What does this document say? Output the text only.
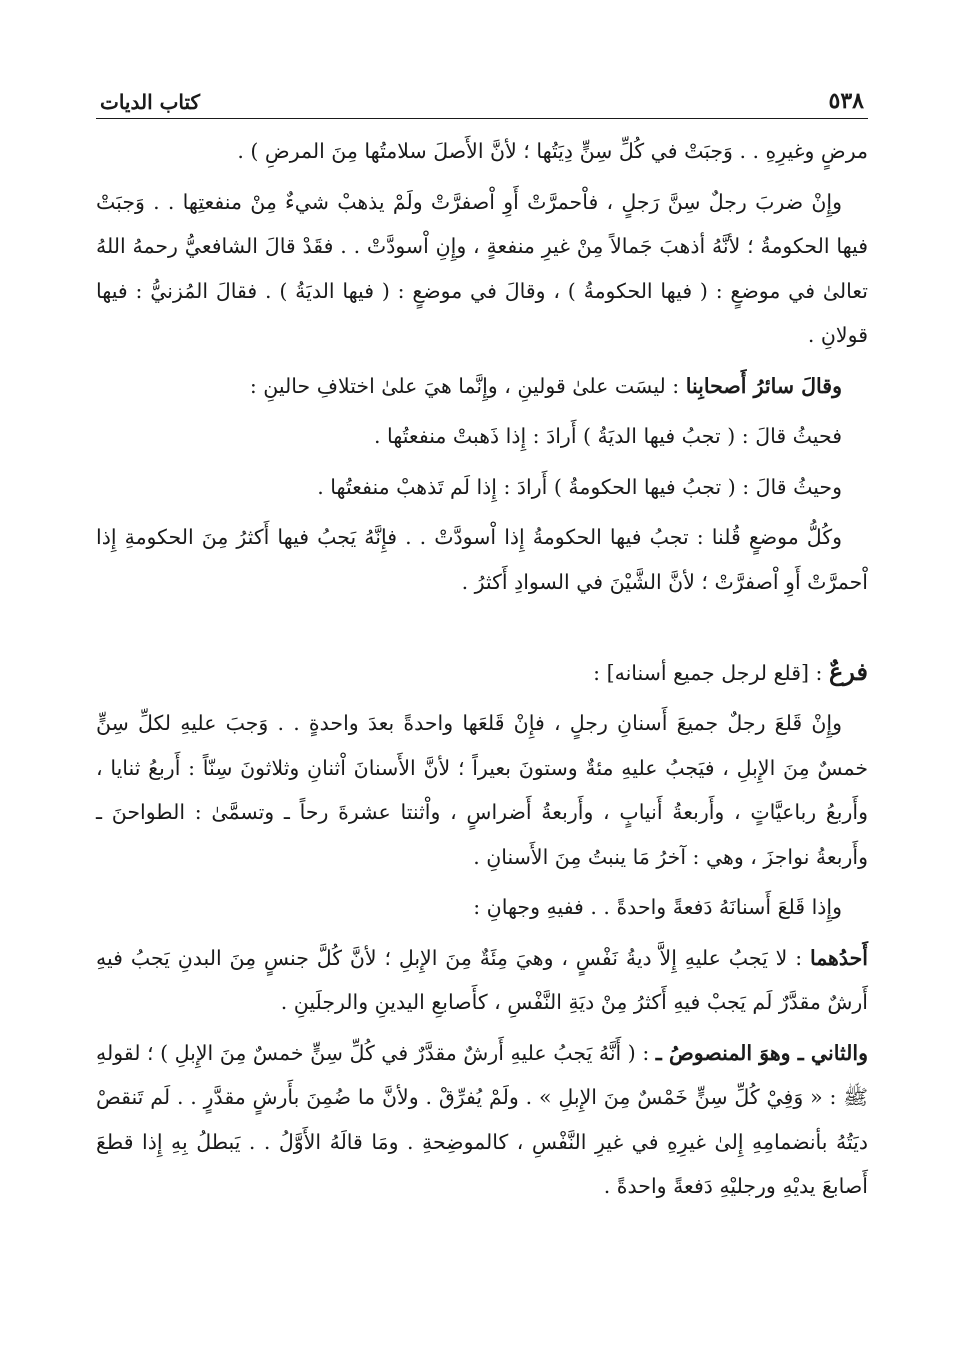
٥٣٨
كتاب الديات

مرضٍ وغيرِهِ . . وَجبَتْ في كُلِّ سِنٍّ دِيَتُها ؛ لأنَّ الأَصلَ سلامتُها مِنَ المرضِ ) .

وإِنْ ضربَ رجلٌ سِنَّ رَجلٍ ، فاْحمرَّتْ أَوِ اْصفرَّتْ ولَمْ يذهبْ شيءٌ مِنْ منفعتِها . . وَجبَتْ فيها الحكومةُ ؛ لأنَّهُ أذهبَ جَمالاً مِنْ غيرِ منفعةٍ ، وإِنِ اْسودَّتْ . . فقَدْ قالَ الشافعيُّ رحمهُ اللهُ تعالىٰ في موضعٍ : ( فيها الحكومةُ ) ، وقالَ في موضعٍ : ( فيها الديَةُ ) . فقالَ المُزنيُّ : فيها قولانِ .

وقالَ سائرُ أَصحابِنا : ليسَت علىٰ قولينِ ، وإِنَّما هيَ علىٰ اختلافِ حالينِ :

فحيثُ قالَ : ( تجبُ فيها الديَةُ ) أَرادَ : إِذا ذَهبتْ منفعتُها .

وحيثُ قالَ : ( تجبُ فيها الحكومةُ ) أَرادَ : إِذا لَم تَذهبْ منفعتُها .

وكُلُّ موضعٍ قُلنا : تجبُ فيها الحكومةُ إِذا اْسودَّتْ . . فإِنَّهُ يَجبُ فيها أَكثرُ مِنَ الحكومةِ إِذا اْحمرَّتْ أَوِ اْصفرَّتْ ؛ لأنَّ الشَّيْنَ في السوادِ أَكثرُ .

فرعٌ : [قلع لرجل جميع أسنانه] :

وإِنْ قَلعَ رجلٌ جميعَ أَسنانِ رجلٍ ، فإِنْ قَلعَها واحدةً بعدَ واحدةٍ . . وَجبَ عليهِ لكلِّ سِنٍّ خمسٌ مِنَ الإِبلِ ، فيَجبُ عليهِ مئةٌ وستونَ بعيراً ؛ لأنَّ الأَسنانَ اْثنانِ وثلاثونَ سِنّاً : أَربعُ ثنايا ، وأَربعُ رباعيَّاتٍ ، وأَربعةُ أَنيابٍ ، وأَربعةُ أَضراسٍ ، واْثنتا عشرةَ رحاً ـ وتسمَّىٰ : الطواحنَ ـ وأَربعةُ نواجزَ ، وهي : آخرُ مَا ينبتُ مِنَ الأَسنانِ .

وإِذا قَلعَ أَسنانَهُ دَفعةً واحدةً . . ففيهِ وجهانِ :

أَحدُهما : لا يَجبُ عليهِ إِلاَّ ديةُ نَفْسٍ ، وهيَ مِئَةٌ مِنَ الإِبلِ ؛ لأنَّ كُلَّ جنسٍ مِنَ البدنِ يَجبُ فيهِ أَرشٌ مقدَّرٌ لَم يَجبْ فيهِ أَكثرُ مِنْ ديَةِ النَّفْسِ ، كأَصابعِ اليدينِ والرجلَينِ .

والثاني ـ وهوَ المنصوصُ ـ : ( أَنَّهُ يَجبُ عليهِ أَرشٌ مقدَّرٌ في كُلِّ سِنٍّ خمسٌ مِنَ الإِبلِ ) ؛ لقولهِ ﷺ : « وَفِيْ كُلِّ سِنٍّ خَمْسٌ مِنَ الإِبلِ » . ولَمْ يُفرِّقْ . ولأنَّ ما ضُمِنَ بأَرشٍ مقدَّرٍ . . لَم تَنقصْ ديَتُهُ بأنضمامِهِ إِلىٰ غيرِهِ في غيرِ النَّفْسِ ، كالموضِحةِ . ومَا قالَهُ الأَوَّلُ . . يَبطلُ بِهِ إِذا قطعَ أَصابعَ يديْهِ ورجليْهِ دَفعةً واحدةً .
